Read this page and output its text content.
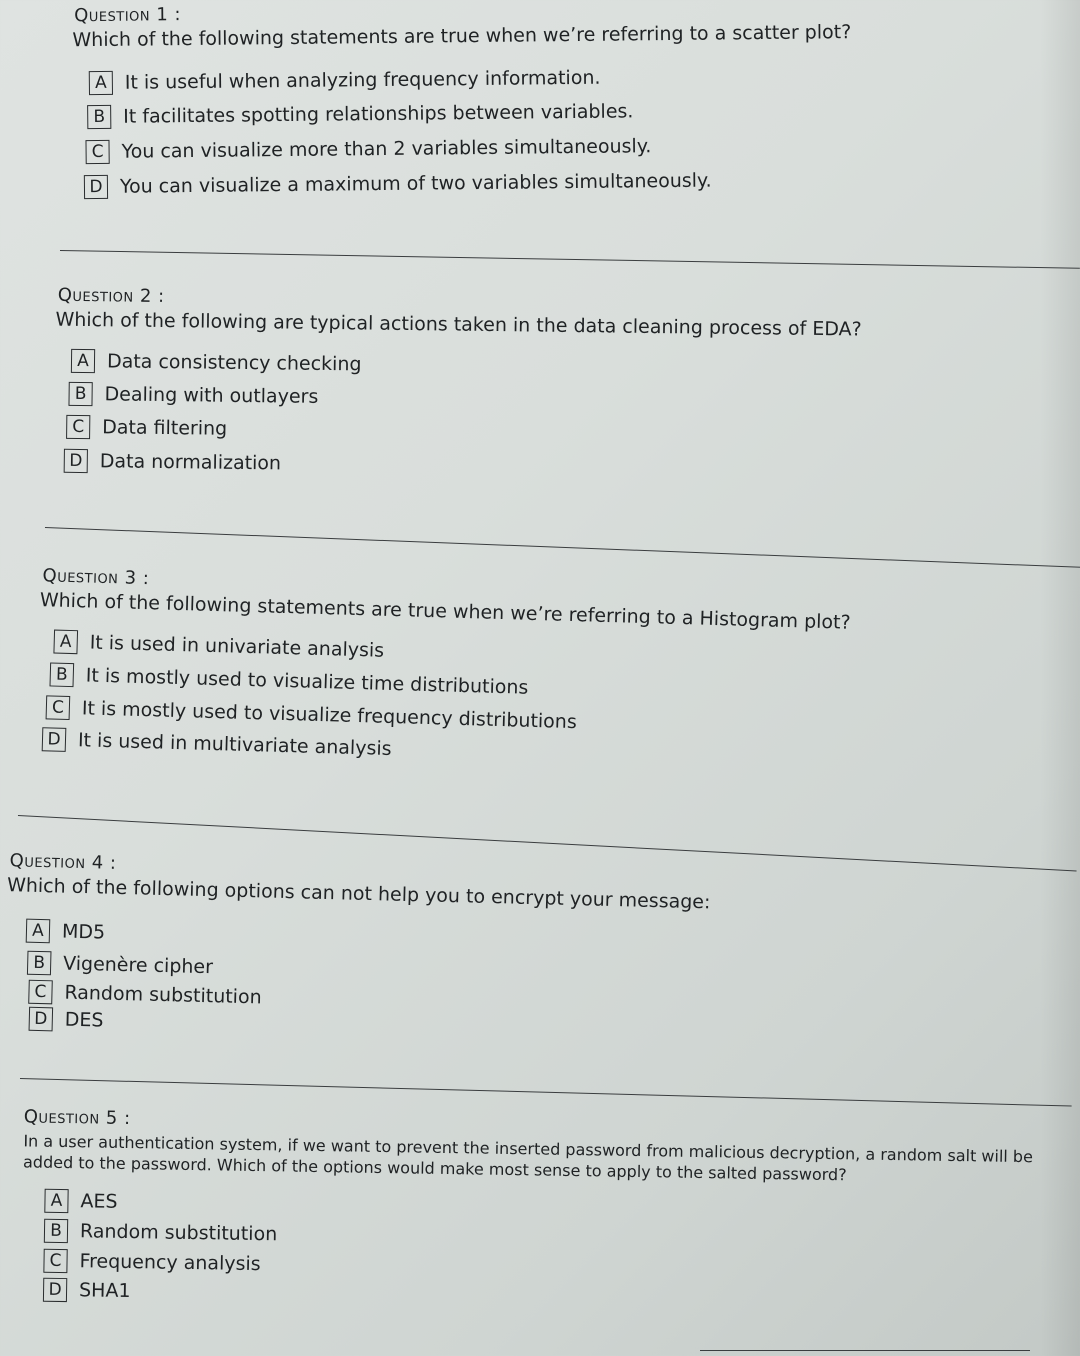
Question 1 :
Which of the following statements are true when we’re referring to a scatter plot?
A It is useful when analyzing frequency information.
B It facilitates spotting relationships between variables.
C You can visualize more than 2 variables simultaneously.
D You can visualize a maximum of two variables simultaneously.
Question 2 :
Which of the following are typical actions taken in the data cleaning process of EDA?
A Data consistency checking
B Dealing with outlayers
C Data filtering
D Data normalization
Question 3 :
Which of the following statements are true when we’re referring to a Histogram plot?
A It is used in univariate analysis
B It is mostly used to visualize time distributions
C It is mostly used to visualize frequency distributions
D It is used in multivariate analysis
Question 4 :
Which of the following options can not help you to encrypt your message:
A MD5
B Vigenère cipher
C Random substitution
D DES
Question 5 :
In a user authentication system, if we want to prevent the inserted password from malicious decryption, a random salt will be added to the password. Which of the options would make most sense to apply to the salted password?
A AES
B Random substitution
C Frequency analysis
D SHA1
